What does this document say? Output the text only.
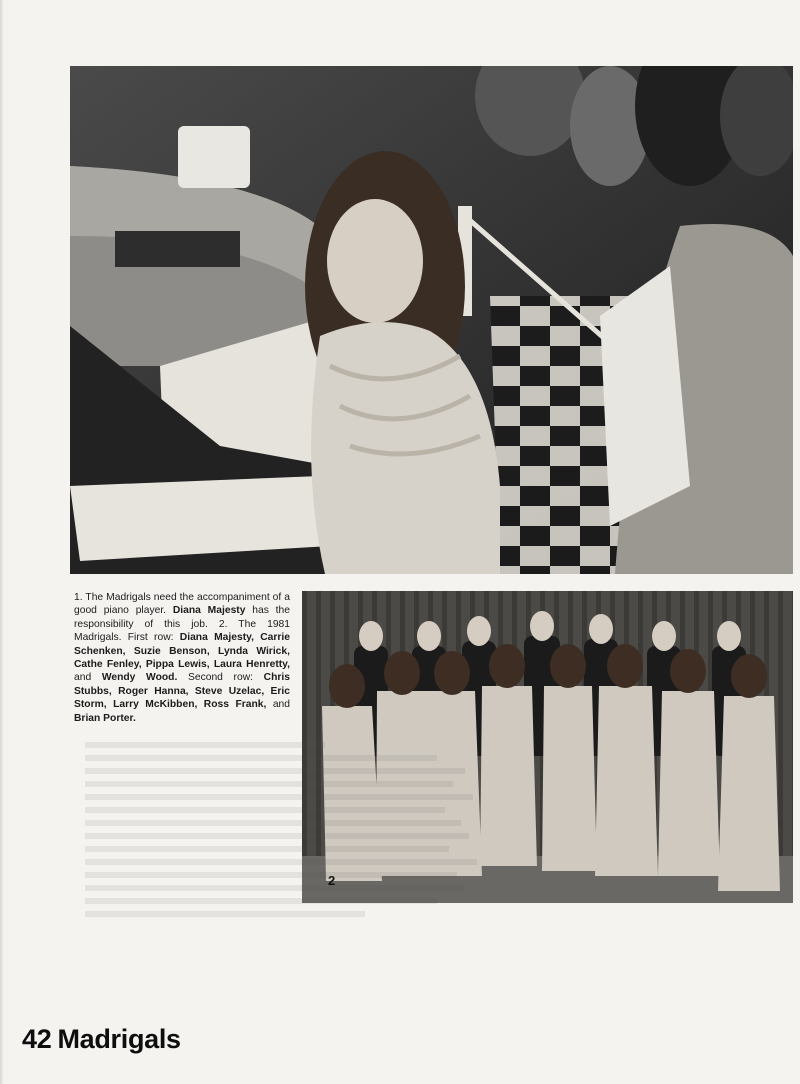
1. The Madrigals need the accompaniment of a good piano player. Diana Majesty has the responsibility of this job. 2. The 1981 Madrigals. First row: Diana Majesty, Carrie Schenken, Suzie Benson, Lynda Wirick, Cathe Fenley, Pippa Lewis, Laura Henretty, and Wendy Wood. Second row: Chris Stubbs, Roger Hanna, Steve Uzelac, Eric Storm, Larry McKibben, Ross Frank, and Brian Porter.
2
42 Madrigals
